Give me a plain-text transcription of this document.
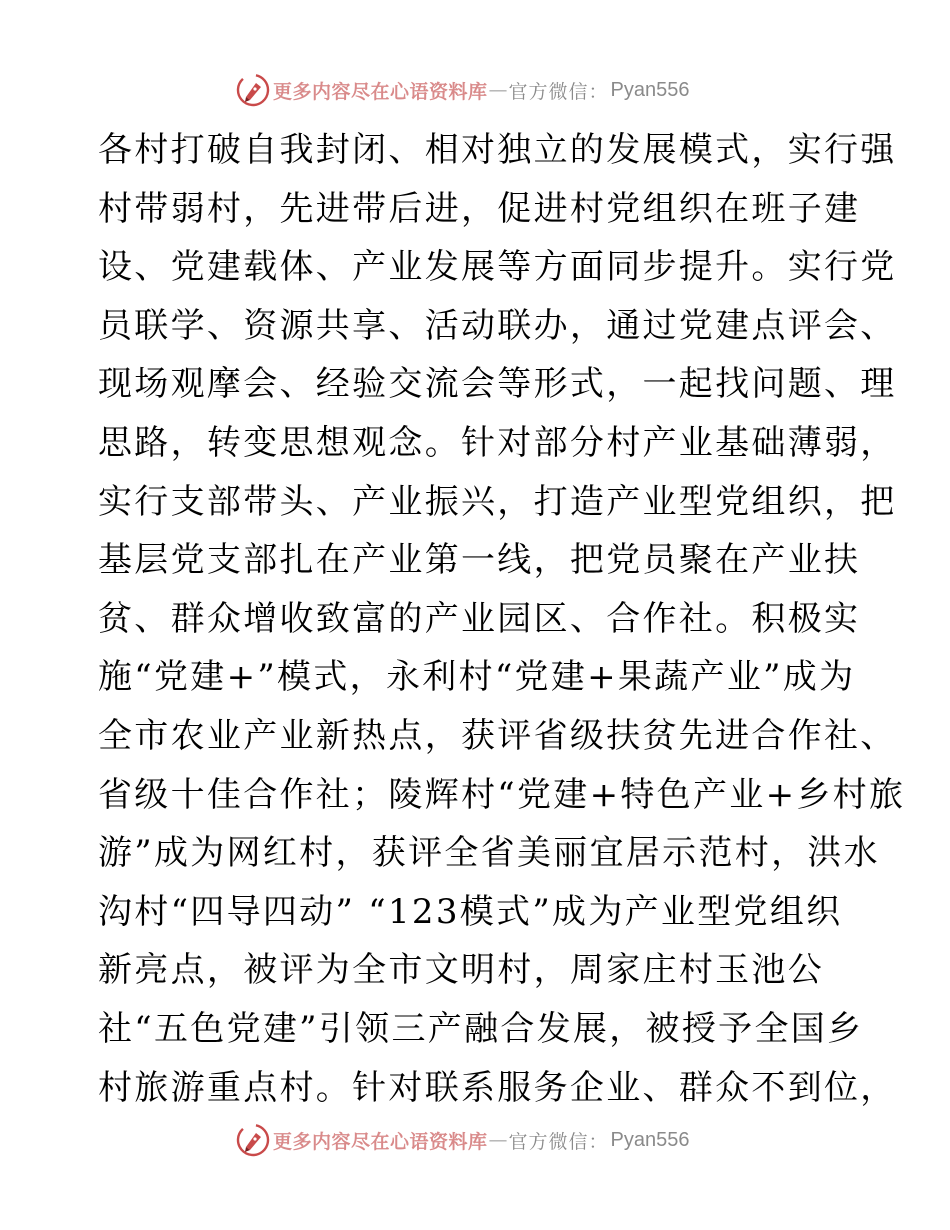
更多内容尽在心语资料库 — 官方微信： Pyan556
各村打破自我封闭、相对独立的发展模式，实行强
村带弱村，先进带后进，促进村党组织在班子建
设、党建载体、产业发展等方面同步提升。实行党
员联学、资源共享、活动联办，通过党建点评会、
现场观摩会、经验交流会等形式，一起找问题、理
思路，转变思想观念。针对部分村产业基础薄弱，
实行支部带头、产业振兴，打造产业型党组织，把
基层党支部扎在产业第一线，把党员聚在产业扶
贫、群众增收致富的产业园区、合作社。积极实
施“党建+”模式，永利村“党建+果蔬产业”成为
全市农业产业新热点，获评省级扶贫先进合作社、
省级十佳合作社；陵辉村“党建+特色产业+乡村旅
游”成为网红村，获评全省美丽宜居示范村，洪水
沟村“四导四动” “123模式”成为产业型党组织
新亮点，被评为全市文明村，周家庄村玉池公
社“五色党建”引领三产融合发展，被授予全国乡
村旅游重点村。针对联系服务企业、群众不到位，
更多内容尽在心语资料库 — 官方微信： Pyan556
